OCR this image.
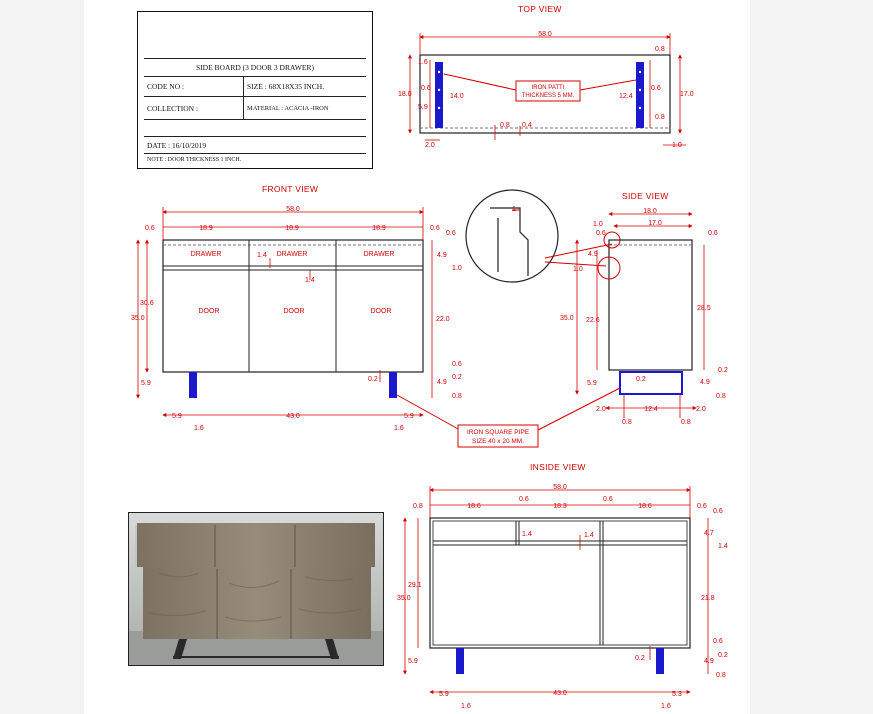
SIDE BOARD (3 DOOR 3 DRAWER)
CODE NO :	SIZE : 68X18X35 INCH.
COLLECTION :	MATERIAL : ACACIA -IRON
DATE : 16/10/2019
NOTE : DOOR THICKNESS 1 INCH.
TOP VIEW
FRONT VIEW
SIDE VIEW
INSIDE VIEW
58.0
18.0	17.0
1.6
0.6
5.9
14.0	12.4
0.8
0.6
0.8
0.8 0.4
2.0	1.0
IRON PATTI
THICKNESS 5 MM.
DRAWER	DRAWER	DRAWER
DOOR	DOOR	DOOR
58.0
0.6	18.9	18.9	18.9	0.6
30.6
35.0
5.9
1.4
1.4
0.6
4.9
1.0
22.0
0.6
0.2	4.9
0.2
0.8
5.9	43.0	5.9
1.6	1.6
IRON SQUARE PIPE
SIZE 40 x 20 MM.
1	18.0
1.0	17.0
0.6	0.6
4.9
1.0
35.0 22.6
28.5
5.9
0.2
0.2
4.9
0.8
2.0	12.4	2.0
0.8	0.8
58.0
0.8	18.6
0.6
18.3
0.6
18.6	0.6
0.6
4.7
1.4	1.4
1.4
29.1
35.0	21.8
0.6
0.2	0.2
4.9
0.8
5.9
5.9	43.0	5.3
1.6	1.6
